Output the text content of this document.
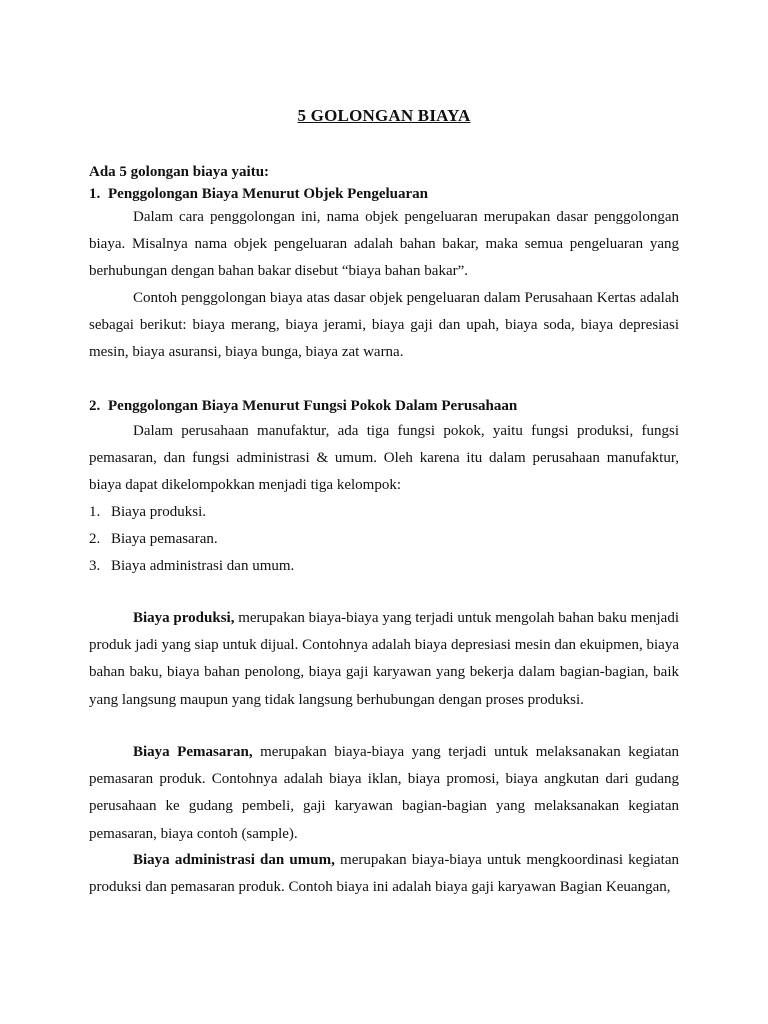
5 GOLONGAN BIAYA
Ada 5 golongan biaya yaitu:
1. Penggolongan Biaya Menurut Objek Pengeluaran

Dalam cara penggolongan ini, nama objek pengeluaran merupakan dasar penggolongan biaya. Misalnya nama objek pengeluaran adalah bahan bakar, maka semua pengeluaran yang berhubungan dengan bahan bakar disebut “biaya bahan bakar”.

Contoh penggolongan biaya atas dasar objek pengeluaran dalam Perusahaan Kertas adalah sebagai berikut: biaya merang, biaya jerami, biaya gaji dan upah, biaya soda, biaya depresiasi mesin, biaya asuransi, biaya bunga, biaya zat warna.

2. Penggolongan Biaya Menurut Fungsi Pokok Dalam Perusahaan

Dalam perusahaan manufaktur, ada tiga fungsi pokok, yaitu fungsi produksi, fungsi pemasaran, dan fungsi administrasi & umum. Oleh karena itu dalam perusahaan manufaktur, biaya dapat dikelompokkan menjadi tiga kelompok:

1. Biaya produksi.
2. Biaya pemasaran.
3. Biaya administrasi dan umum.

Biaya produksi, merupakan biaya-biaya yang terjadi untuk mengolah bahan baku menjadi produk jadi yang siap untuk dijual. Contohnya adalah biaya depresiasi mesin dan ekuipmen, biaya bahan baku, biaya bahan penolong, biaya gaji karyawan yang bekerja dalam bagian-bagian, baik yang langsung maupun yang tidak langsung berhubungan dengan proses produksi.

Biaya Pemasaran, merupakan biaya-biaya yang terjadi untuk melaksanakan kegiatan pemasaran produk. Contohnya adalah biaya iklan, biaya promosi, biaya angkutan dari gudang perusahaan ke gudang pembeli, gaji karyawan bagian-bagian yang melaksanakan kegiatan pemasaran, biaya contoh (sample).

Biaya administrasi dan umum, merupakan biaya-biaya untuk mengkoordinasi kegiatan produksi dan pemasaran produk. Contoh biaya ini adalah biaya gaji karyawan Bagian Keuangan,
